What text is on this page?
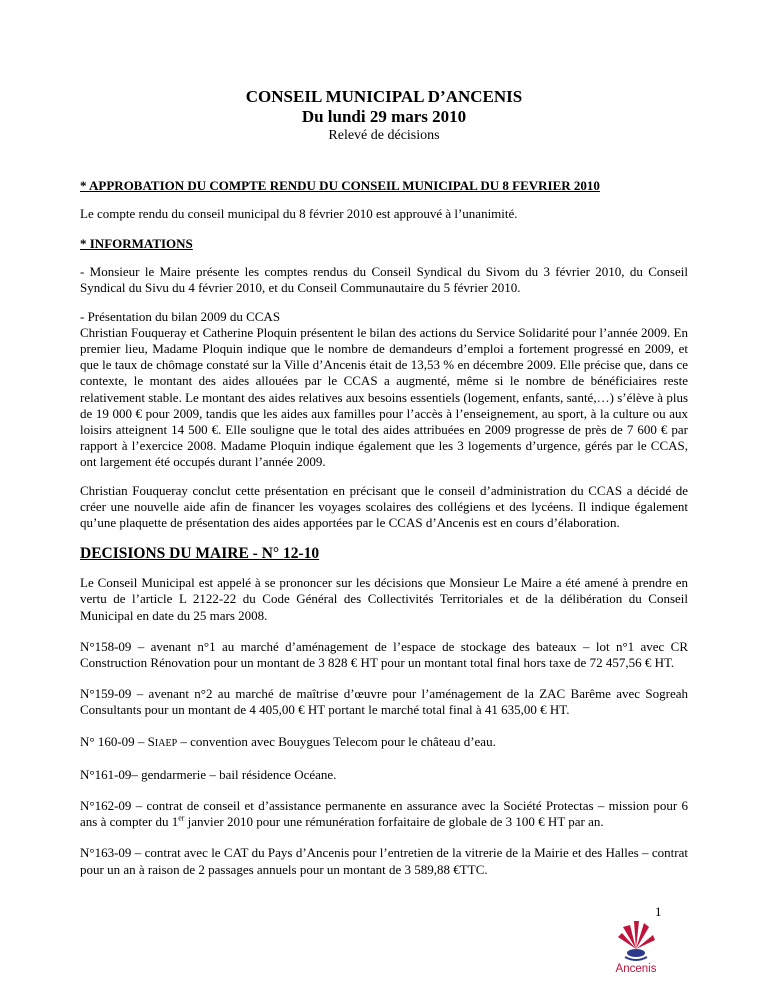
CONSEIL MUNICIPAL D’ANCENIS
Du lundi 29 mars 2010
Relevé de décisions
* APPROBATION DU COMPTE RENDU DU CONSEIL MUNICIPAL DU 8 FEVRIER 2010

Le compte rendu du conseil municipal du 8 février 2010 est approuvé à l’unanimité.

* INFORMATIONS

- Monsieur le Maire présente les comptes rendus du Conseil Syndical du Sivom du 3 février 2010, du Conseil Syndical du Sivu du 4 février 2010, et du Conseil Communautaire du 5 février 2010.

- Présentation du bilan 2009 du CCAS

Christian Fouqueray et Catherine Ploquin présentent le bilan des actions du Service Solidarité pour l’année 2009. En premier lieu, Madame Ploquin indique que le nombre de demandeurs d’emploi a fortement progressé en 2009, et que le taux de chômage constaté sur la Ville d’Ancenis était de 13,53 % en décembre 2009. Elle précise que, dans ce contexte, le montant des aides allouées par le CCAS a augmenté, même si le nombre de bénéficiaires reste relativement stable. Le montant des aides relatives aux besoins essentiels (logement, enfants, santé,…) s’élève à plus de 19 000 € pour 2009, tandis que les aides aux familles pour l’accès à l’enseignement, au sport, à la culture ou aux loisirs atteignent 14 500 €. Elle souligne que le total des aides attribuées en 2009 progresse de près de 7 600 € par rapport à l’exercice 2008. Madame Ploquin indique également que les 3 logements d’urgence, gérés par le CCAS, ont largement été occupés durant l’année 2009.

Christian Fouqueray conclut cette présentation en précisant que le conseil d’administration du CCAS a décidé de créer une nouvelle aide afin de financer les voyages scolaires des collégiens et des lycéens. Il indique également qu’une plaquette de présentation des aides apportées par le CCAS d’Ancenis est en cours d’élaboration.

DECISIONS DU MAIRE - N° 12-10

Le Conseil Municipal est appelé à se prononcer sur les décisions que Monsieur Le Maire a été amené à prendre en vertu de l’article L 2122-22 du Code Général des Collectivités Territoriales et de la délibération du Conseil Municipal en date du 25 mars 2008.

N°158-09 – avenant n°1 au marché d’aménagement de l’espace de stockage des bateaux – lot n°1 avec CR Construction Rénovation pour un montant de 3 828 € HT pour un montant total final hors taxe de 72 457,56 € HT.

N°159-09 – avenant n°2 au marché de maîtrise d’œuvre pour l’aménagement de la ZAC Barême avec Sogreah Consultants pour un montant de 4 405,00 € HT portant le marché total final à 41 635,00 € HT.

N° 160-09 – SIAEP – convention avec Bouygues Telecom pour le château d’eau.

N°161-09– gendarmerie – bail résidence Océane.

N°162-09 – contrat de conseil et d’assistance permanente en assurance avec la Société Protectas – mission pour 6 ans à compter du 1er janvier 2010 pour une rémunération forfaitaire de globale de 3 100 € HT par an.

N°163-09 – contrat avec le CAT du Pays d’Ancenis pour l’entretien de la vitrerie de la Mairie et des Halles – contrat pour un an à raison de 2 passages annuels pour un montant de 3 589,88 €TTC.

1
Ancenis
